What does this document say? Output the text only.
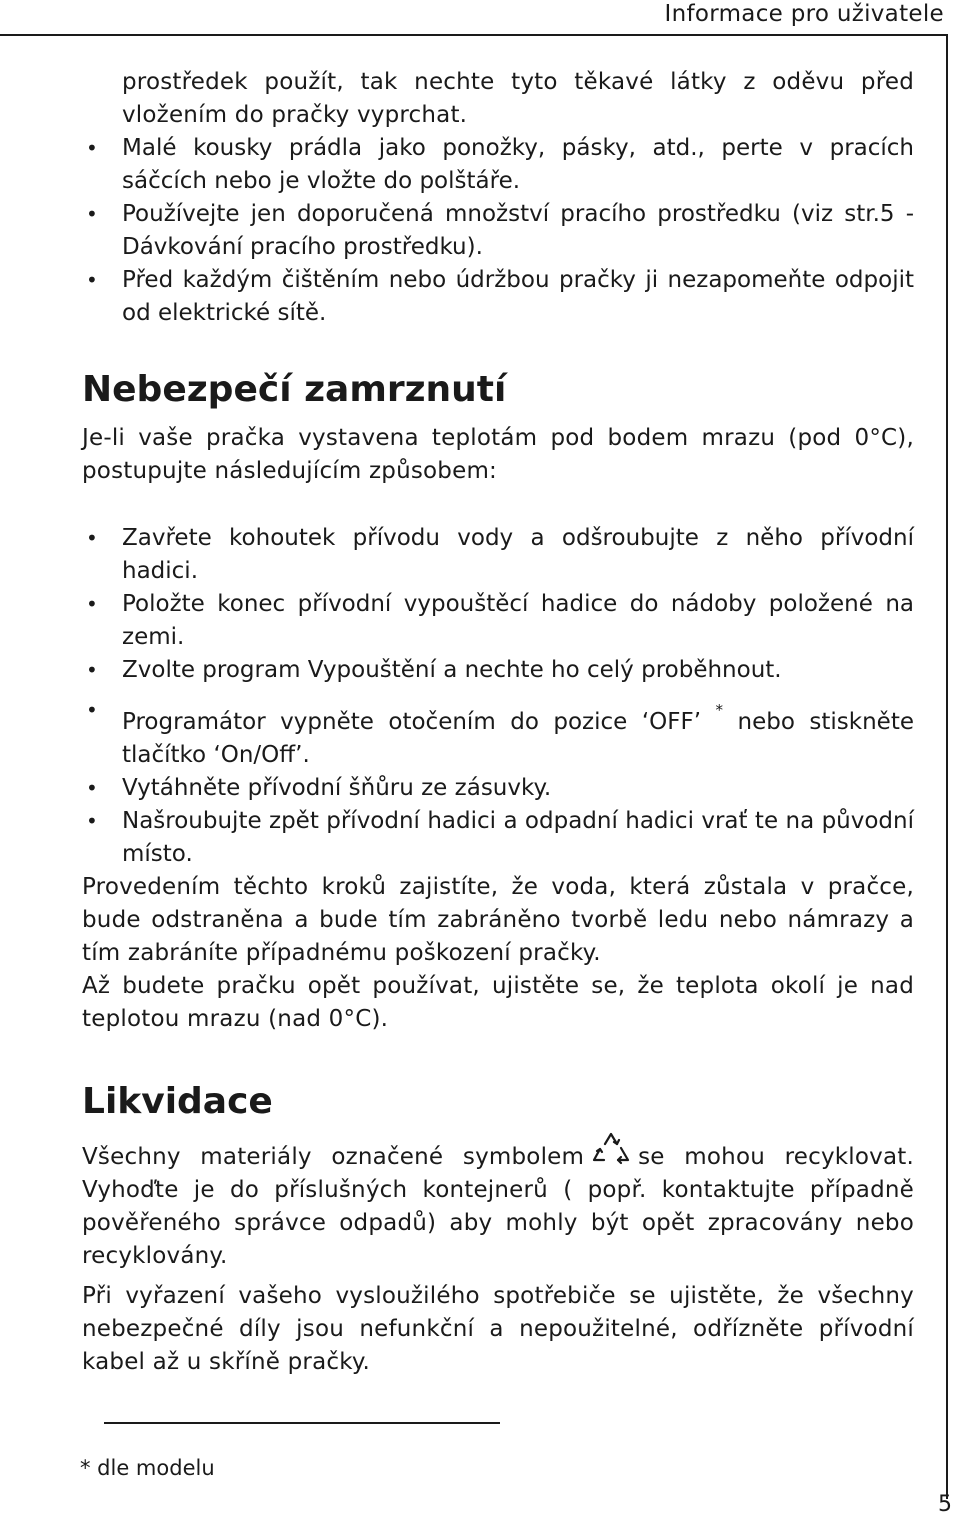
Informace pro uživatele

prostředek použít, tak nechte tyto těkavé látky z oděvu před vložením do pračky vyprchat.

• Malé kousky prádla jako ponožky, pásky, atd., perte v pracích sáčcích nebo je vložte do polštáře.
• Používejte jen doporučená množství pracího prostředku (viz str.5 -Dávkování pracího prostředku).
• Před každým čištěním nebo údržbou pračky ji nezapomeňte odpojit od elektrické sítě.
Nebezpečí zamrznutí

Je-li vaše pračka vystavena teplotám pod bodem mrazu (pod 0°C), postupujte následujícím způsobem:

• Zavřete kohoutek přívodu vody a odšroubujte z něho přívodní hadici.
• Položte konec přívodní vypouštěcí hadice do nádoby položené na zemi.
• Zvolte program Vypouštění a nechte ho celý proběhnout.
• Programátor vypněte otočením do pozice ‘OFF’ * nebo stiskněte tlačítko ‘On/Off’.
• Vytáhněte přívodní šňůru ze zásuvky.
• Našroubujte zpět přívodní hadici a odpadní hadici vrať te na původní místo.

Provedením těchto kroků zajistíte, že voda, která zůstala v pračce, bude odstraněna a bude tím zabráněno tvorbě ledu nebo námrazy a tím zabráníte případnému poškození pračky.

Až budete pračku opět používat, ujistěte se, že teplota okolí je nad teplotou mrazu (nad 0°C).

Likvidace

Všechny materiály označené symbolem se mohou recyklovat. Vyhoďte je do příslušných kontejnerů ( popř. kontaktujte případně pověřeného správce odpadů) aby mohly být opět zpracovány nebo recyklovány.

Při vyřazení vašeho vysloužilého spotřebiče se ujistěte, že všechny nebezpečné díly jsou nefunkční a nepoužitelné, odřízněte přívodní kabel až u skříně pračky.

* dle modelu
5
